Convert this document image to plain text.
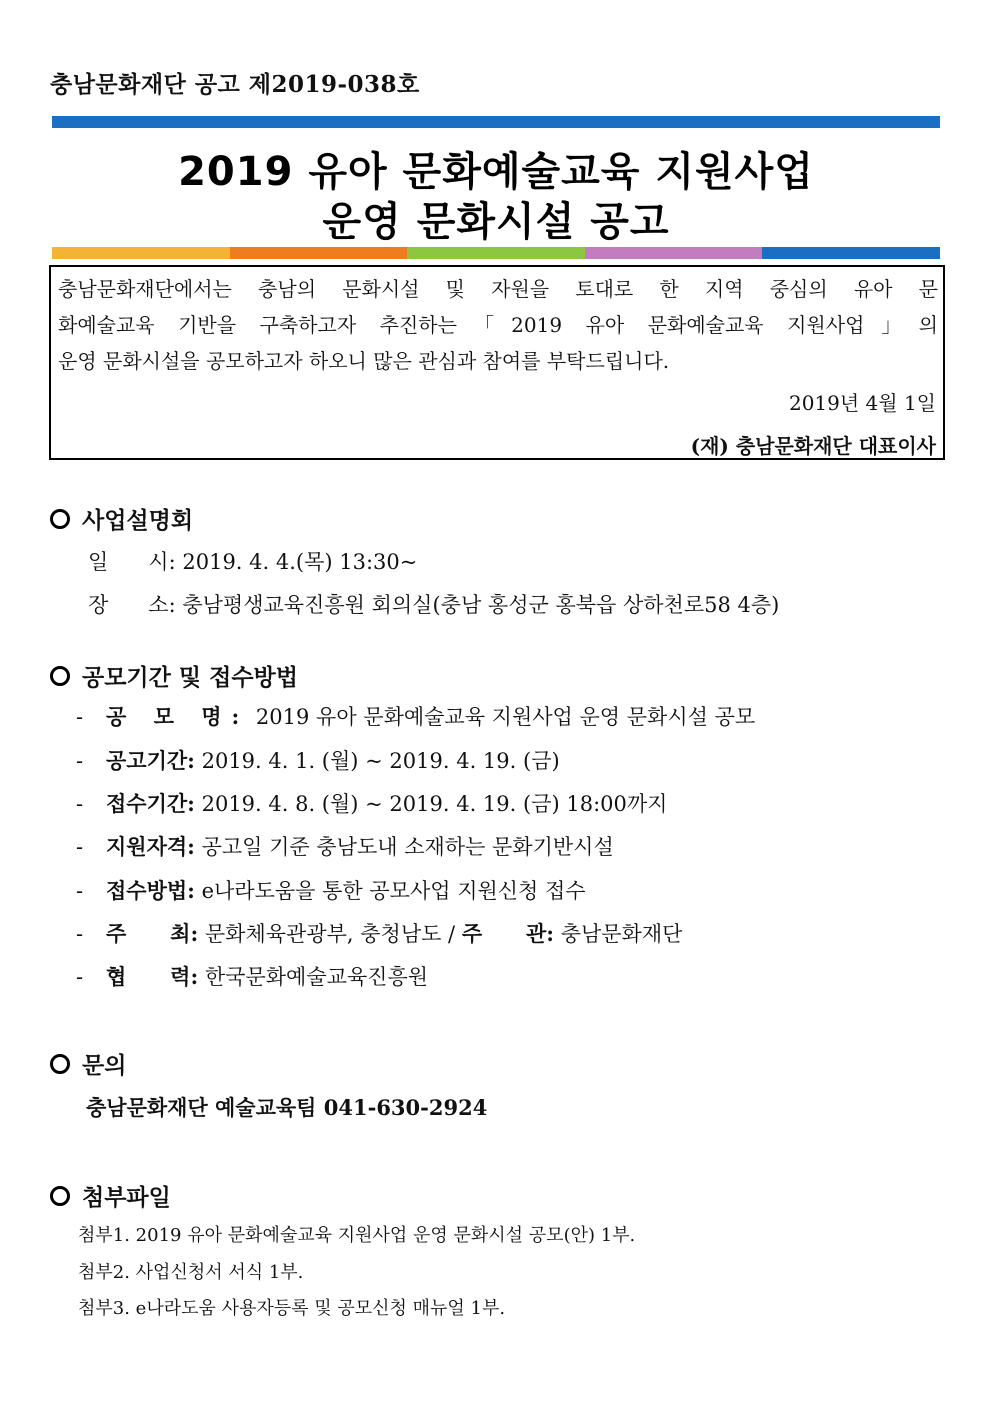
충남문화재단 공고 제2019-038호
2019 유아 문화예술교육 지원사업
운영 문화시설 공고
충남문화재단에서는 충남의 문화시설 및 자원을 토대로 한 지역 중심의 유아 문
화예술교육 기반을 구축하고자 추진하는「2019 유아 문화예술교육 지원사업」의
운영 문화시설을 공모하고자 하오니 많은 관심과 참여를 부탁드립니다.
2019년 4월 1일
(재) 충남문화재단 대표이사
사업설명회
일 시: 2019. 4. 4.(목) 13:30~
장 소: 충남평생교육진흥원 회의실(충남 홍성군 홍북읍 상하천로58 4층)
공모기간 및 접수방법
- 공 모 명: 2019 유아 문화예술교육 지원사업 운영 문화시설 공모
- 공고기간: 2019. 4. 1. (월) ~ 2019. 4. 19. (금)
- 접수기간: 2019. 4. 8. (월) ~ 2019. 4. 19. (금) 18:00까지
- 지원자격: 공고일 기준 충남도내 소재하는 문화기반시설
- 접수방법: e나라도움을 통한 공모사업 지원신청 접수
- 주      최: 문화체육관광부, 충청남도 / 주      관: 충남문화재단
- 협      력: 한국문화예술교육진흥원
문의
충남문화재단 예술교육팀 041-630-2924
첨부파일
첨부1. 2019 유아 문화예술교육 지원사업 운영 문화시설 공모(안) 1부.
첨부2. 사업신청서 서식 1부.
첨부3. e나라도움 사용자등록 및 공모신청 매뉴얼 1부.
